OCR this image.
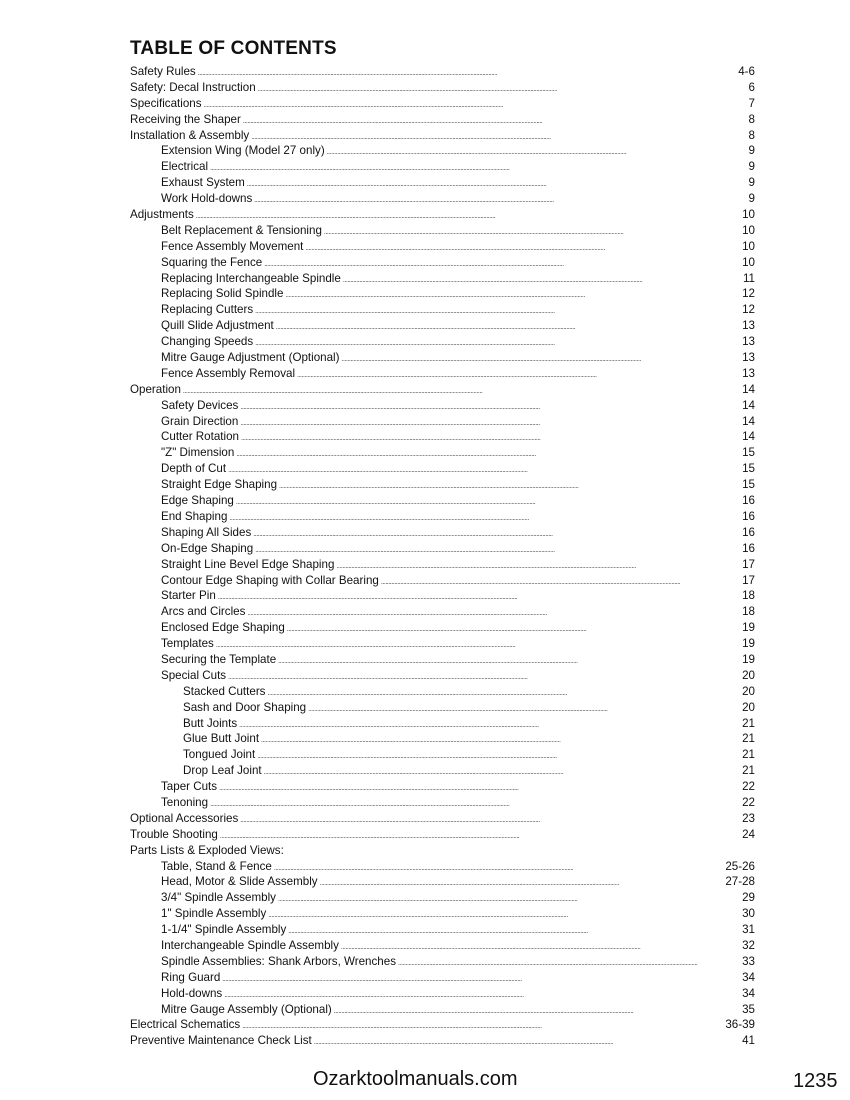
TABLE OF CONTENTS
Safety Rules . . .	4-6
Safety: Decal Instruction . . .	6
Specifications . . .	7
Receiving the Shaper . . .	8
Installation & Assembly . . .	8
Extension Wing (Model 27 only) . . .	9
Electrical . . .	9
Exhaust System . . .	9
Work Hold-downs . . .	9
Adjustments . . .	10
Belt Replacement & Tensioning . . .	10
Fence Assembly Movement . . .	10
Squaring the Fence . . .	10
Replacing Interchangeable Spindle . . .	11
Replacing Solid Spindle . . .	12
Replacing Cutters . . .	12
Quill Slide Adjustment . . .	13
Changing Speeds . . .	13
Mitre Gauge Adjustment (Optional) . . .	13
Fence Assembly Removal . . .	13
Operation . . .	14
Safety Devices . . .	14
Grain Direction . . .	14
Cutter Rotation . . .	14
"Z" Dimension . . .	15
Depth of Cut . . .	15
Straight Edge Shaping . . .	15
Edge Shaping . . .	16
End Shaping . . .	16
Shaping All Sides . . .	16
On-Edge Shaping . . .	16
Straight Line Bevel Edge Shaping . . .	17
Contour Edge Shaping with Collar Bearing . . .	17
Starter Pin . . .	18
Arcs and Circles . . .	18
Enclosed Edge Shaping . . .	19
Templates . . .	19
Securing the Template . . .	19
Special Cuts . . .	20
Stacked Cutters . . .	20
Sash and Door Shaping . . .	20
Butt Joints . . .	21
Glue Butt Joint . . .	21
Tongued Joint . . .	21
Drop Leaf Joint . . .	21
Taper Cuts . . .	22
Tenoning . . .	22
Optional Accessories . . .	23
Trouble Shooting . . .	24
Parts Lists & Exploded Views:
Table, Stand & Fence . . .	25-26
Head, Motor & Slide Assembly . . .	27-28
3/4" Spindle Assembly . . .	29
1" Spindle Assembly . . .	30
1-1/4" Spindle Assembly . . .	31
Interchangeable Spindle Assembly . . .	32
Spindle Assemblies: Shank Arbors, Wrenches . . .	33
Ring Guard . . .	34
Hold-downs . . .	34
Mitre Gauge Assembly (Optional) . . .	35
Electrical Schematics . . .	36-39
Preventive Maintenance Check List . . .	41
Ozarktoolmanuals.com	1235
